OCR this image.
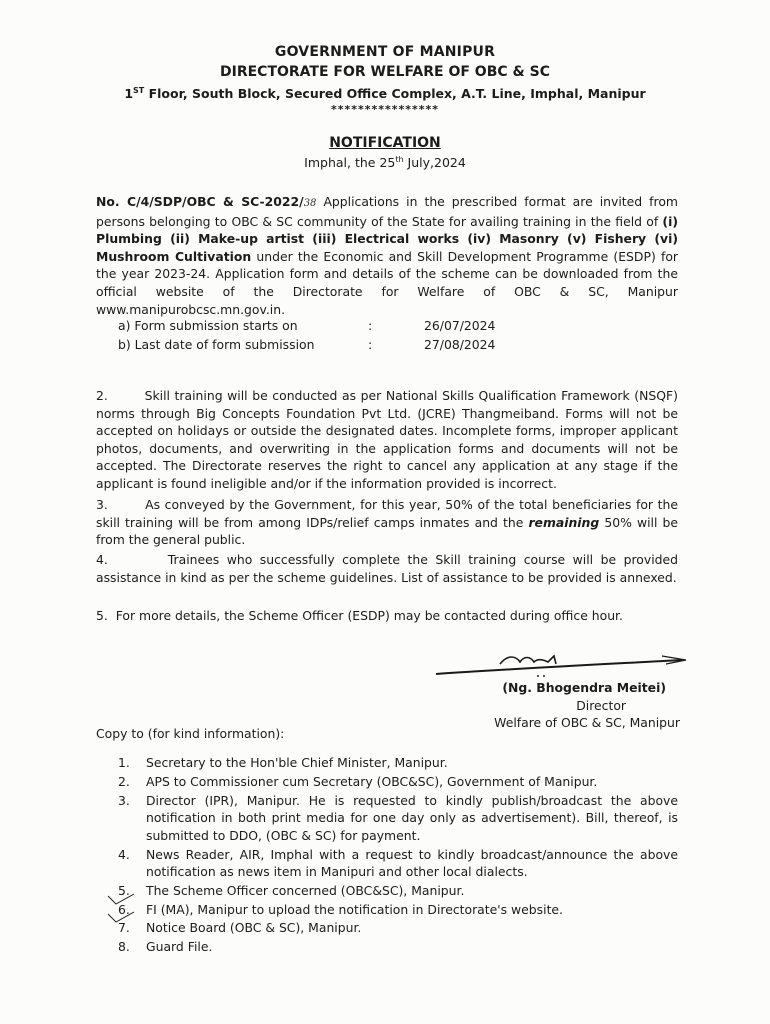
GOVERNMENT OF MANIPUR
DIRECTORATE FOR WELFARE OF OBC & SC
1ST Floor, South Block, Secured Office Complex, A.T. Line, Imphal, Manipur
****************
NOTIFICATION
Imphal, the 25th July,2024
No. C/4/SDP/OBC & SC-2022/38 Applications in the prescribed format are invited from persons belonging to OBC & SC community of the State for availing training in the field of (i) Plumbing (ii) Make-up artist (iii) Electrical works (iv) Masonry (v) Fishery (vi) Mushroom Cultivation under the Economic and Skill Development Programme (ESDP) for the year 2023-24. Application form and details of the scheme can be downloaded from the official website of the Directorate for Welfare of OBC & SC, Manipur www.manipurobcsc.mn.gov.in.
a) Form submission starts on	:	26/07/2024
b) Last date of form submission	:	27/08/2024
2.        Skill training will be conducted as per National Skills Qualification Framework (NSQF) norms through Big Concepts Foundation Pvt Ltd. (JCRE) Thangmeiband. Forms will not be accepted on holidays or outside the designated dates. Incomplete forms, improper applicant photos, documents, and overwriting in the application forms and documents will not be accepted. The Directorate reserves the right to cancel any application at any stage if the applicant is found ineligible and/or if the information provided is incorrect.
3.        As conveyed by the Government, for this year, 50% of the total beneficiaries for the skill training will be from among IDPs/relief camps inmates and the remaining 50% will be from the general public.
4.        Trainees who successfully complete the Skill training course will be provided assistance in kind as per the scheme guidelines. List of assistance to be provided is annexed.
5.  For more details, the Scheme Officer (ESDP) may be contacted during office hour.
(Ng. Bhogendra Meitei)
Director
Welfare of OBC & SC, Manipur
Copy to (for kind information):
1.	Secretary to the Hon'ble Chief Minister, Manipur.
2.	APS to Commissioner cum Secretary (OBC&SC), Government of Manipur.
3.	Director (IPR), Manipur. He is requested to kindly publish/broadcast the above notification in both print media for one day only as advertisement). Bill, thereof, is submitted to DDO, (OBC & SC) for payment.
4.	News Reader, AIR, Imphal with a request to kindly broadcast/announce the above notification as news item in Manipuri and other local dialects.
5.	The Scheme Officer concerned (OBC&SC), Manipur.
6.	FI (MA), Manipur to upload the notification in Directorate's website.
7.	Notice Board (OBC & SC), Manipur.
8.	Guard File.
